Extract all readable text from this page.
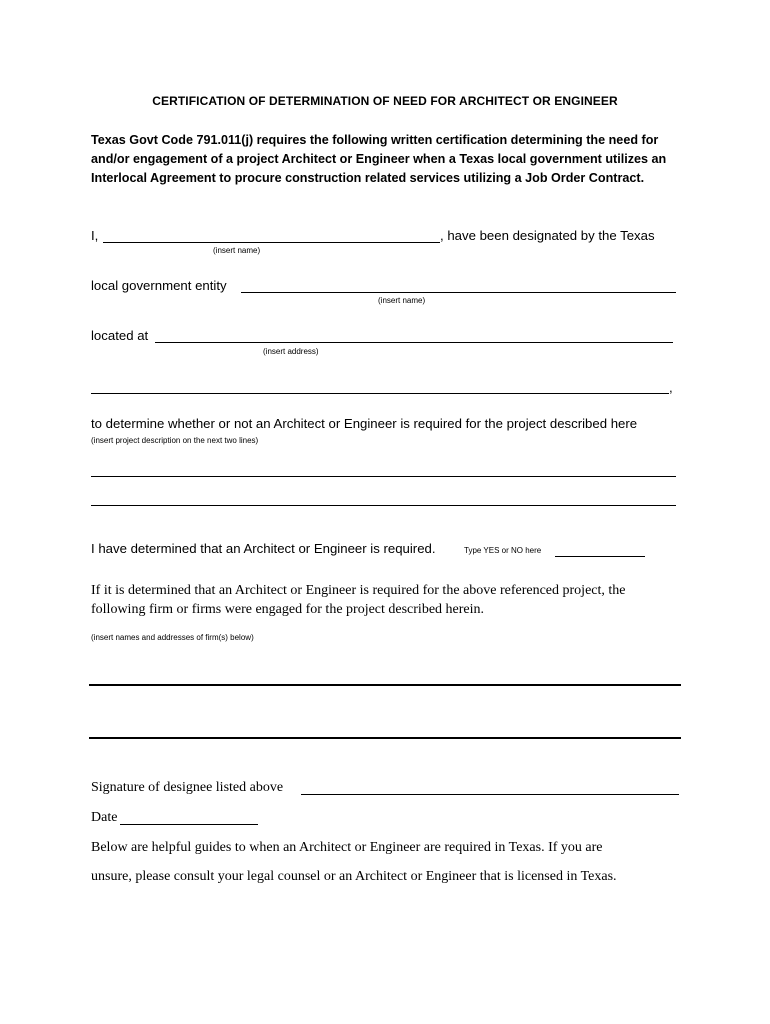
CERTIFICATION OF DETERMINATION OF NEED FOR ARCHITECT OR ENGINEER
Texas Govt Code 791.011(j) requires the following written certification determining the need for and/or engagement of a project Architect or Engineer when a Texas local government utilizes an Interlocal Agreement to procure construction related services utilizing a Job Order Contract.
I,	, have been designated by the Texas
(insert name)
local government entity
(insert name)
located at
(insert address)
,
to determine whether or not an Architect or Engineer is required for the project described here
(insert project description on the next two lines)
I have determined that an Architect or Engineer is required.	Type YES or NO here
If it is determined that an Architect or Engineer is required for the above referenced project, the
following firm or firms were engaged for the project described herein.
(insert names and addresses of firm(s) below)
Signature of designee listed above
Date
Below are helpful guides to when an Architect or Engineer are required in Texas. If you are
unsure, please consult your legal counsel or an Architect or Engineer that is licensed in Texas.
